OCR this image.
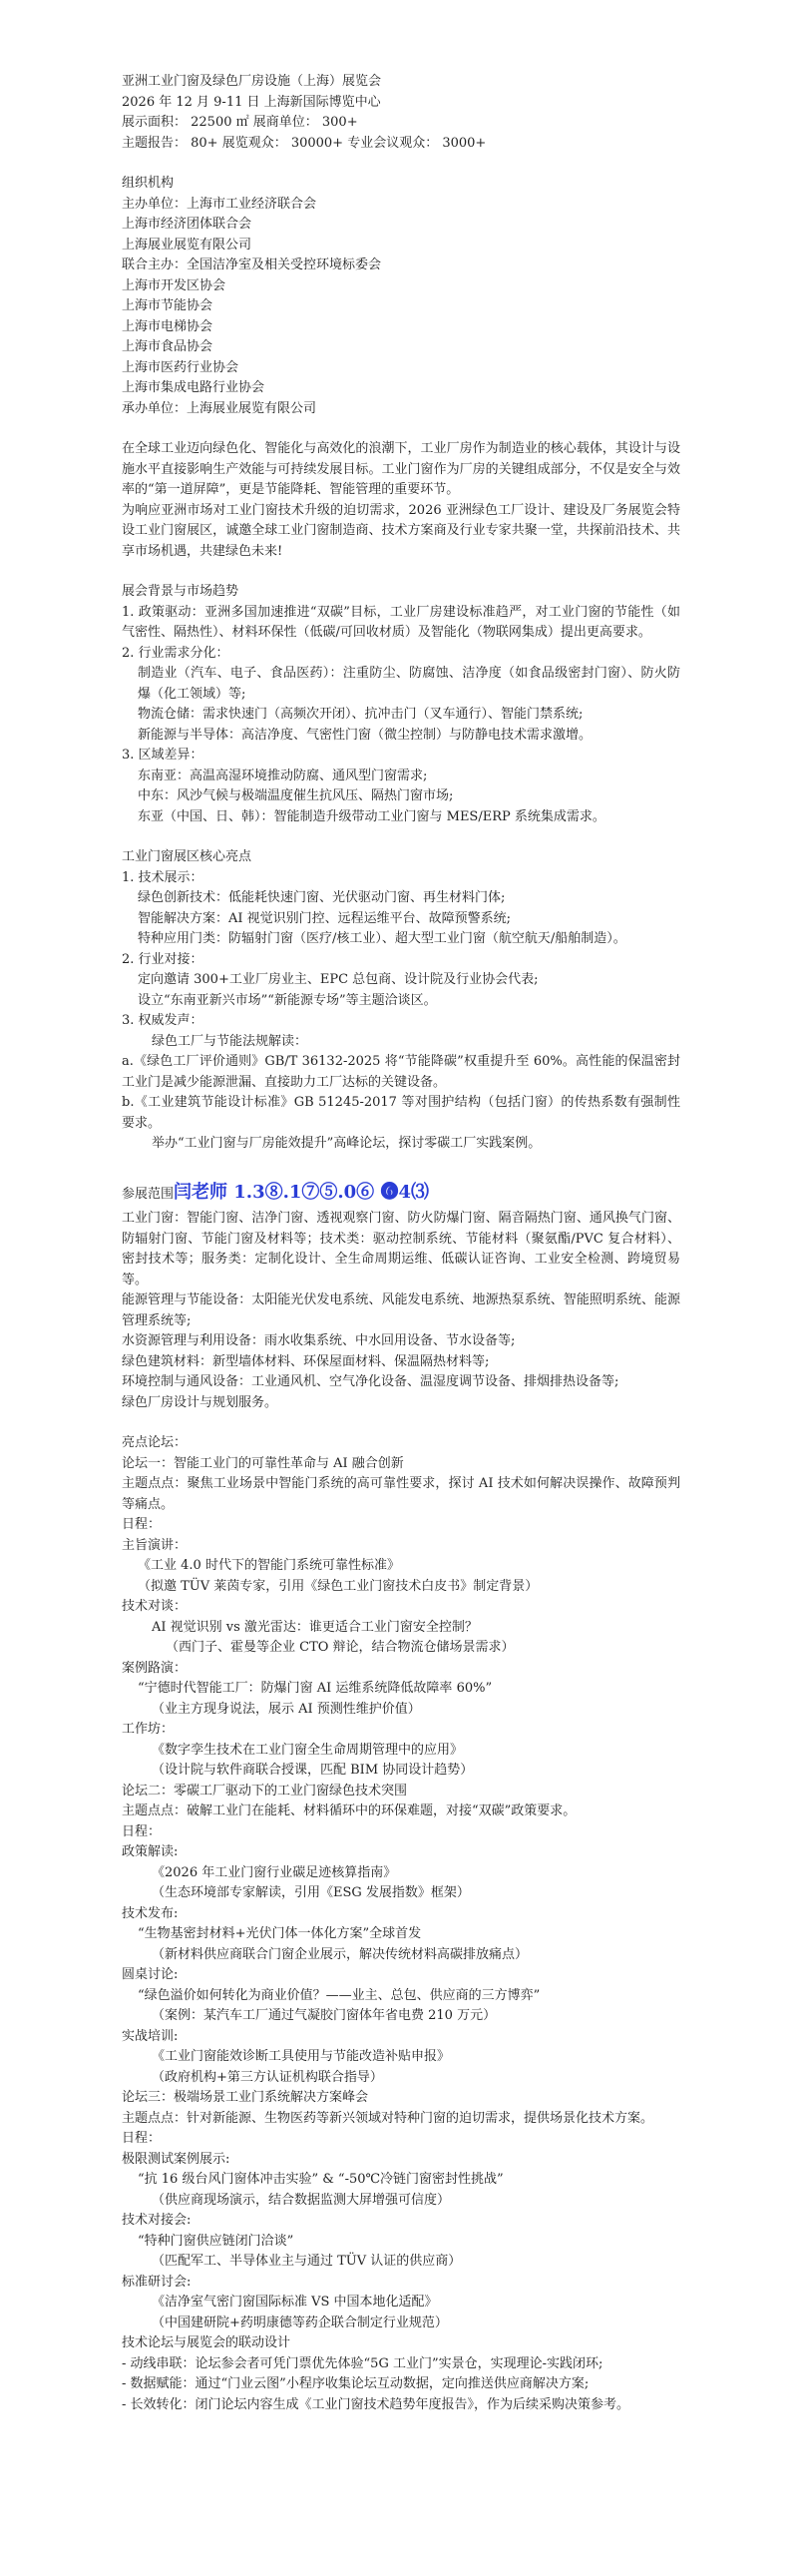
亚洲工业门窗及绿色厂房设施（上海）展览会
2026 年 12 月 9-11 日 上海新国际博览中心
展示面积： 22500 ㎡ 展商单位： 300+
主题报告： 80+ 展览观众： 30000+ 专业会议观众： 3000+
组织机构
主办单位：上海市工业经济联合会
上海市经济团体联合会
上海展业展览有限公司
联合主办：全国洁净室及相关受控环境标委会
上海市开发区协会
上海市节能协会
上海市电梯协会
上海市食品协会
上海市医药行业协会
上海市集成电路行业协会
承办单位：上海展业展览有限公司
在全球工业迈向绿色化、智能化与高效化的浪潮下，工业厂房作为制造业的核心载体，其设计与设施水平直接影响生产效能与可持续发展目标。工业门窗作为厂房的关键组成部分，不仅是安全与效率的“第一道屏障”，更是节能降耗、智能管理的重要环节。
为响应亚洲市场对工业门窗技术升级的迫切需求，2026 亚洲绿色工厂设计、建设及厂务展览会特设工业门窗展区，诚邀全球工业门窗制造商、技术方案商及行业专家共聚一堂，共探前沿技术、共享市场机遇，共建绿色未来!
展会背景与市场趋势
1. 政策驱动：亚洲多国加速推进“双碳”目标，工业厂房建设标准趋严，对工业门窗的节能性（如气密性、隔热性）、材料环保性（低碳/可回收材质）及智能化（物联网集成）提出更高要求。
2. 行业需求分化：
制造业（汽车、电子、食品医药）：注重防尘、防腐蚀、洁净度（如食品级密封门窗）、防火防爆（化工领域）等;
物流仓储：需求快速门（高频次开闭）、抗冲击门（叉车通行）、智能门禁系统;
新能源与半导体：高洁净度、气密性门窗（微尘控制）与防静电技术需求激增。
3. 区域差异：
东南亚：高温高湿环境推动防腐、通风型门窗需求;
中东：风沙气候与极端温度催生抗风压、隔热门窗市场;
东亚（中国、日、韩）：智能制造升级带动工业门窗与 MES/ERP 系统集成需求。
工业门窗展区核心亮点
1. 技术展示：
绿色创新技术：低能耗快速门窗、光伏驱动门窗、再生材料门体;
智能解决方案：AI 视觉识别门控、远程运维平台、故障预警系统;
特种应用门类：防辐射门窗（医疗/核工业）、超大型工业门窗（航空航天/船舶制造）。
2. 行业对接：
定向邀请 300+工业厂房业主、EPC 总包商、设计院及行业协会代表;
设立“东南亚新兴市场”“新能源专场”等主题洽谈区。
3. 权威发声：
绿色工厂与节能法规解读：
a.《绿色工厂评价通则》GB/T 36132-2025 将“节能降碳”权重提升至 60%。高性能的保温密封工业门是减少能源泄漏、直接助力工厂达标的关键设备。
b.《工业建筑节能设计标准》GB 51245-2017 等对围护结构（包括门窗）的传热系数有强制性要求。
举办“工业门窗与厂房能效提升”高峰论坛，探讨零碳工厂实践案例。
参展范围闫老师 1.3⑧.1⑦⑤.0⑥ ❻4⑶
工业门窗：智能门窗、洁净门窗、透视观察门窗、防火防爆门窗、隔音隔热门窗、通风换气门窗、防辐射门窗、节能门窗及材料等；技术类：驱动控制系统、节能材料（聚氨酯/PVC 复合材料）、密封技术等；服务类：定制化设计、全生命周期运维、低碳认证咨询、工业安全检测、跨境贸易等。
能源管理与节能设备：太阳能光伏发电系统、风能发电系统、地源热泵系统、智能照明系统、能源管理系统等;
水资源管理与利用设备：雨水收集系统、中水回用设备、节水设备等;
绿色建筑材料：新型墙体材料、环保屋面材料、保温隔热材料等;
环境控制与通风设备：工业通风机、空气净化设备、温湿度调节设备、排烟排热设备等;
绿色厂房设计与规划服务。
亮点论坛：
论坛一：智能工业门的可靠性革命与 AI 融合创新
主题点点：聚焦工业场景中智能门系统的高可靠性要求，探讨 AI 技术如何解决误操作、故障预判等痛点。
日程：
主旨演讲：
《工业 4.0 时代下的智能门系统可靠性标准》
（拟邀 TÜV 莱茵专家，引用《绿色工业门窗技术白皮书》制定背景）
技术对谈：
AI 视觉识别 vs 激光雷达：谁更适合工业门窗安全控制？
（西门子、霍曼等企业 CTO 辩论，结合物流仓储场景需求）
案例路演：
“宁德时代智能工厂：防爆门窗 AI 运维系统降低故障率 60%”
（业主方现身说法，展示 AI 预测性维护价值）
工作坊：
《数字孪生技术在工业门窗全生命周期管理中的应用》
（设计院与软件商联合授课，匹配 BIM 协同设计趋势）
论坛二：零碳工厂驱动下的工业门窗绿色技术突围
主题点点：破解工业门在能耗、材料循环中的环保难题，对接“双碳”政策要求。
日程：
政策解读:
《2026 年工业门窗行业碳足迹核算指南》
（生态环境部专家解读，引用《ESG 发展指数》框架）
技术发布:
“生物基密封材料+光伏门体一体化方案”全球首发
（新材料供应商联合门窗企业展示，解决传统材料高碳排放痛点）
圆桌讨论:
“绿色溢价如何转化为商业价值？——业主、总包、供应商的三方博弈”
（案例：某汽车工厂通过气凝胶门窗体年省电费 210 万元）
实战培训:
《工业门窗能效诊断工具使用与节能改造补贴申报》
（政府机构+第三方认证机构联合指导）
论坛三：极端场景工业门系统解决方案峰会
主题点点：针对新能源、生物医药等新兴领域对特种门窗的迫切需求，提供场景化技术方案。
日程：
极限测试案例展示:
“抗 16 级台风门窗体冲击实验” & “-50℃冷链门窗密封性挑战”
（供应商现场演示，结合数据监测大屏增强可信度）
技术对接会:
“特种门窗供应链闭门洽谈”
（匹配军工、半导体业主与通过 TÜV 认证的供应商）
标准研讨会:
《洁净室气密门窗国际标准 VS 中国本地化适配》
（中国建研院+药明康德等药企联合制定行业规范）
技术论坛与展览会的联动设计
- 动线串联：论坛参会者可凭门票优先体验“5G 工业门”实景仓，实现理论-实践闭环;
- 数据赋能：通过“门业云图”小程序收集论坛互动数据，定向推送供应商解决方案;
- 长效转化：闭门论坛内容生成《工业门窗技术趋势年度报告》，作为后续采购决策参考。
